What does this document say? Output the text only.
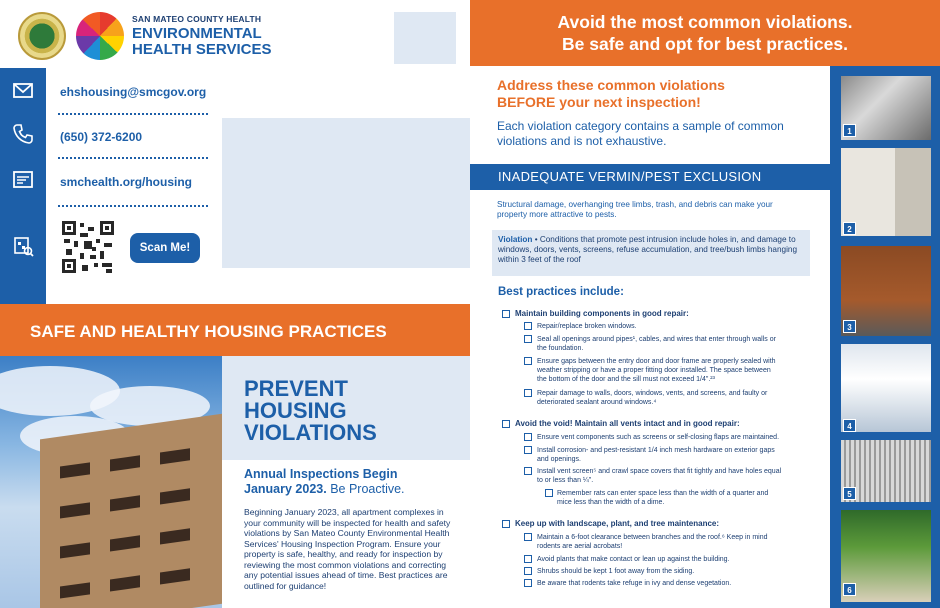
SAN MATEO COUNTY HEALTH
ENVIRONMENTAL
HEALTH SERVICES
ehshousing@smcgov.org
(650) 372-6200
smchealth.org/housing
Scan Me!
SAFE AND HEALTHY HOUSING PRACTICES
PREVENT
HOUSING
VIOLATIONS
Annual Inspections Begin
January 2023. Be Proactive.
Beginning January 2023, all apartment complexes in your community will be inspected for health and safety violations by San Mateo County Environmental Health Services' Housing Inspection Program. Ensure your property is safe, healthy, and ready for inspection by reviewing the most common violations and correcting any potential issues ahead of time. Best practices are outlined for guidance!
Avoid the most common violations.
Be safe and opt for best practices.
Address these common violations
BEFORE your next inspection!
Each violation category contains a sample of common violations and is not exhaustive.
INADEQUATE VERMIN/PEST EXCLUSION
Structural damage, overhanging tree limbs, trash, and debris can make your property more attractive to pests.
Violation • Conditions that promote pest intrusion include holes in, and damage to windows, doors, vents, screens, refuse accumulation, and tree/bush limbs hanging within 3 feet of the roof
Best practices include:
Maintain building components in good repair:
Repair/replace broken windows.
Seal all openings around pipes¹, cables, and wires that enter through walls or the foundation.
Ensure gaps between the entry door and door frame are properly sealed with weather stripping or have a proper fitting door installed. The space between the bottom of the door and the sill must not exceed 1/4".²³
Repair damage to walls, doors, windows, vents, and screens, and faulty or deteriorated sealant around windows.⁴
Avoid the void! Maintain all vents intact and in good repair:
Ensure vent components such as screens or self-closing flaps are maintained.
Install corrosion- and pest-resistant 1/4 inch mesh hardware on exterior gaps and openings.
Install vent screen⁵ and crawl space covers that fit tightly and have holes equal to or less than ¼".
Remember rats can enter space less than the width of a quarter and mice less than the width of a dime.
Keep up with landscape, plant, and tree maintenance:
Maintain a 6-foot clearance between branches and the roof.⁶ Keep in mind rodents are aerial acrobats!
Avoid plants that make contact or lean up against the building.
Shrubs should be kept 1 foot away from the siding.
Be aware that rodents take refuge in ivy and dense vegetation.
1
2
3
4
5
6
